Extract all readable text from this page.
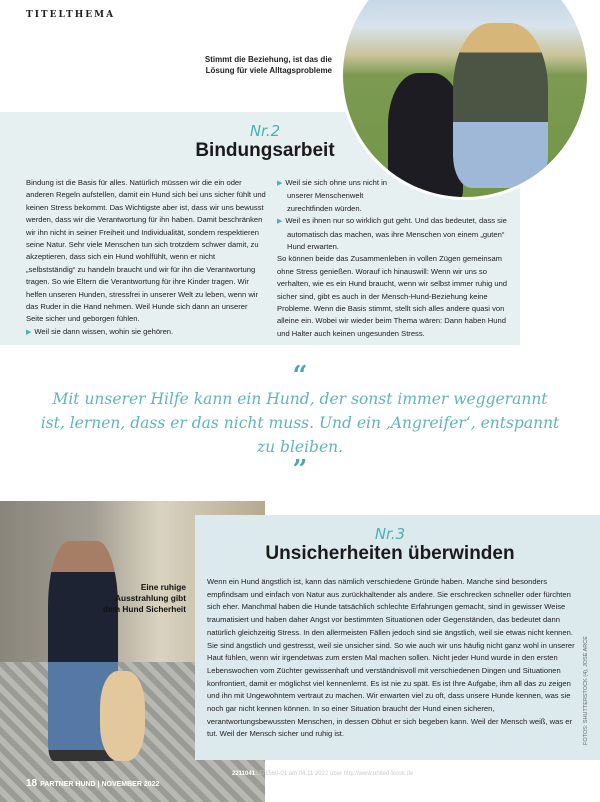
TITELTHEMA
Stimmt die Beziehung, ist das die Lösung für viele Alltagsprobleme
Nr.2
Bindungsarbeit

Bindung ist die Basis für alles. Natürlich müssen wir die ein oder anderen Regeln aufstellen, damit ein Hund sich bei uns sicher fühlt und keinen Stress bekommt. Das Wichtigste aber ist, dass wir uns bewusst werden, dass wir die Verantwortung für ihn haben. Damit beschränken wir ihn nicht in seiner Freiheit und Individualität, sondern respektieren seine Natur. Sehr viele Menschen tun sich trotzdem schwer damit, zu akzeptieren, dass sich ein Hund wohlfühlt, wenn er nicht „selbstständig“ zu handeln braucht und wir für ihn die Verantwortung tragen. So wie Eltern die Verantwortung für ihre Kinder tragen. Wir helfen unseren Hunden, stressfrei in unserer Welt zu leben, wenn wir das Ruder in die Hand nehmen. Weil Hunde sich dann an unserer Seite sicher und geborgen fühlen.

▶ Weil sie dann wissen, wohin sie gehören.

▶ Weil sie sich ohne uns nicht in unserer Menschenwelt zurechtfinden würden.

▶ Weil es ihnen nur so wirklich gut geht. Und das bedeutet, dass sie automatisch das machen, was ihre Menschen von einem „guten“ Hund erwarten.

So können beide das Zusammenleben in vollen Zügen gemeinsam ohne Stress genießen. Worauf ich hinauswill: Wenn wir uns so verhalten, wie es ein Hund braucht, wenn wir selbst immer ruhig und sicher sind, gibt es auch in der Mensch-Hund-Beziehung keine Probleme. Wenn die Basis stimmt, stellt sich alles andere quasi von alleine ein. Wobei wir wieder beim Thema wären: Dann haben Hund und Halter auch keinen ungesunden Stress.

“
Mit unserer Hilfe kann ein Hund, der sonst immer weggerannt ist, lernen, dass er das nicht muss. Und ein ‚Angreifer‘, entspannt zu bleiben.
”
Eine ruhige Ausstrahlung gibt dem Hund Sicherheit
Nr.3
Unsicherheiten überwinden
Wenn ein Hund ängstlich ist, kann das nämlich verschiedene Gründe haben. Manche sind besonders empfindsam und einfach von Natur aus zurückhaltender als andere. Sie erschrecken schneller oder fürchten sich eher. Manchmal haben die Hunde tatsächlich schlechte Erfahrungen gemacht, sind in gewisser Weise traumatisiert und haben daher Angst vor bestimmten Situationen oder Gegenständen, das bedeutet dann natürlich gleichzeitig Stress. In den allermeisten Fällen jedoch sind sie ängstlich, weil sie etwas nicht kennen. Sie sind ängstlich und gestresst, weil sie unsicher sind. So wie auch wir uns häufig nicht ganz wohl in unserer Haut fühlen, wenn wir irgendetwas zum ersten Mal machen sollen. Nicht jeder Hund wurde in den ersten Lebenswochen vom Züchter gewissenhaft und verständnisvoll mit verschiedenen Dingen und Situationen konfrontiert, damit er möglichst viel kennenlernt. Es ist nie zu spät. Es ist Ihre Aufgabe, ihm all das zu zeigen und ihn mit Ungewohntem vertraut zu machen. Wir erwarten viel zu oft, dass unsere Hunde kennen, was sie noch gar nicht kennen können. In so einer Situation braucht der Hund einen sicheren, verantwortungsbewussten Menschen, in dessen Obhut er sich begeben kann. Weil der Mensch weiß, was er tut. Weil der Mensch sicher und ruhig ist.	FOTOS: SHUTTERSTOCK (4), JOSÉ ARCE
18 PARTNER HUND | NOVEMBER 2022
22110411371560-01 am 04.11.2022 über http://www.united-kiosk.de
